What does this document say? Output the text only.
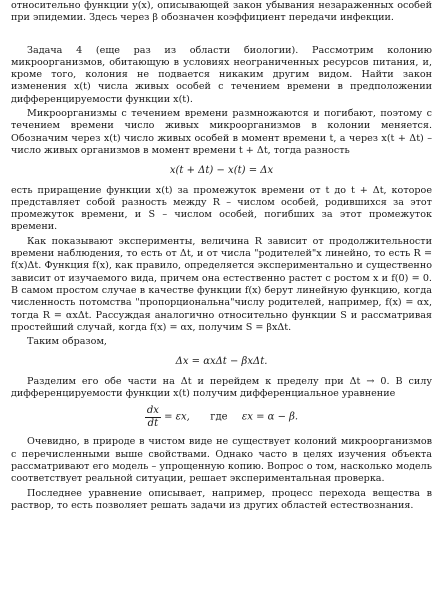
относительно функции y(x), описывающей закон убывания незараженных особей при эпидемии. Здесь через β обозначен коэффициент передачи инфекции.

Задача 4 (еще раз из области биологии). Рассмотрим колонию микроорганизмов, обитающую в условиях неограниченных ресурсов питания, и, кроме того, колония не подвается никаким другим видом. Найти закон изменения x(t) числа живых особей с течением времени в предположении дифференцируемости функции x(t).

Микроорганизмы с течением времени размножаются и погибают, поэтому с течением времени число живых микроорганизмов в колонии меняется. Обозначим через x(t) число живых особей в момент времени t, а через x(t + Δt) – число живых организмов в момент времени t + Δt, тогда разность

x(t + Δt) − x(t) = Δx

есть приращение функции x(t) за промежуток времени от t до t + Δt, которое представляет собой разность между R – числом особей, родившихся за этот промежуток времени, и S – числом особей, погибших за этот промежуток времени.

Как показывают эксперименты, величина R зависит от продолжительности времени наблюдения, то есть от Δt, и от числа "родителей"x линейно, то есть R = f(x)Δt. Функция f(x), как правило, определяется экспериментально и существенно зависит от изучаемого вида, причем она естественно растет с ростом x и f(0) = 0. В самом простом случае в качестве функции f(x) берут линейную функцию, когда численность потомства "пропорциональна"числу родителей, например, f(x) = αx, тогда R = αxΔt. Рассуждая аналогично относительно функции S и рассматривая простейший случай, когда f(x) = αx, получим S = βxΔt.

Таким образом,

Δx = αxΔt − βxΔt.

Разделим его обе части на Δt и перейдем к пределу при Δt → 0. В силу дифференцируемости функции x(t) получим дифференциальное уравнение

$\frac{dx}{dt} = \varepsilon x$, где εx = α − β.

Очевидно, в природе в чистом виде не существует колоний микроорганизмов с перечисленными выше свойствами. Однако часто в целях изучения объекта рассматривают его модель – упрощенную копию. Вопрос о том, насколько модель соответствует реальной ситуации, решает экспериментальная проверка.

Последнее уравнение описывает, например, процесс перехода вещества в раствор, то есть позволяет решать задачи из других областей естествознания.
